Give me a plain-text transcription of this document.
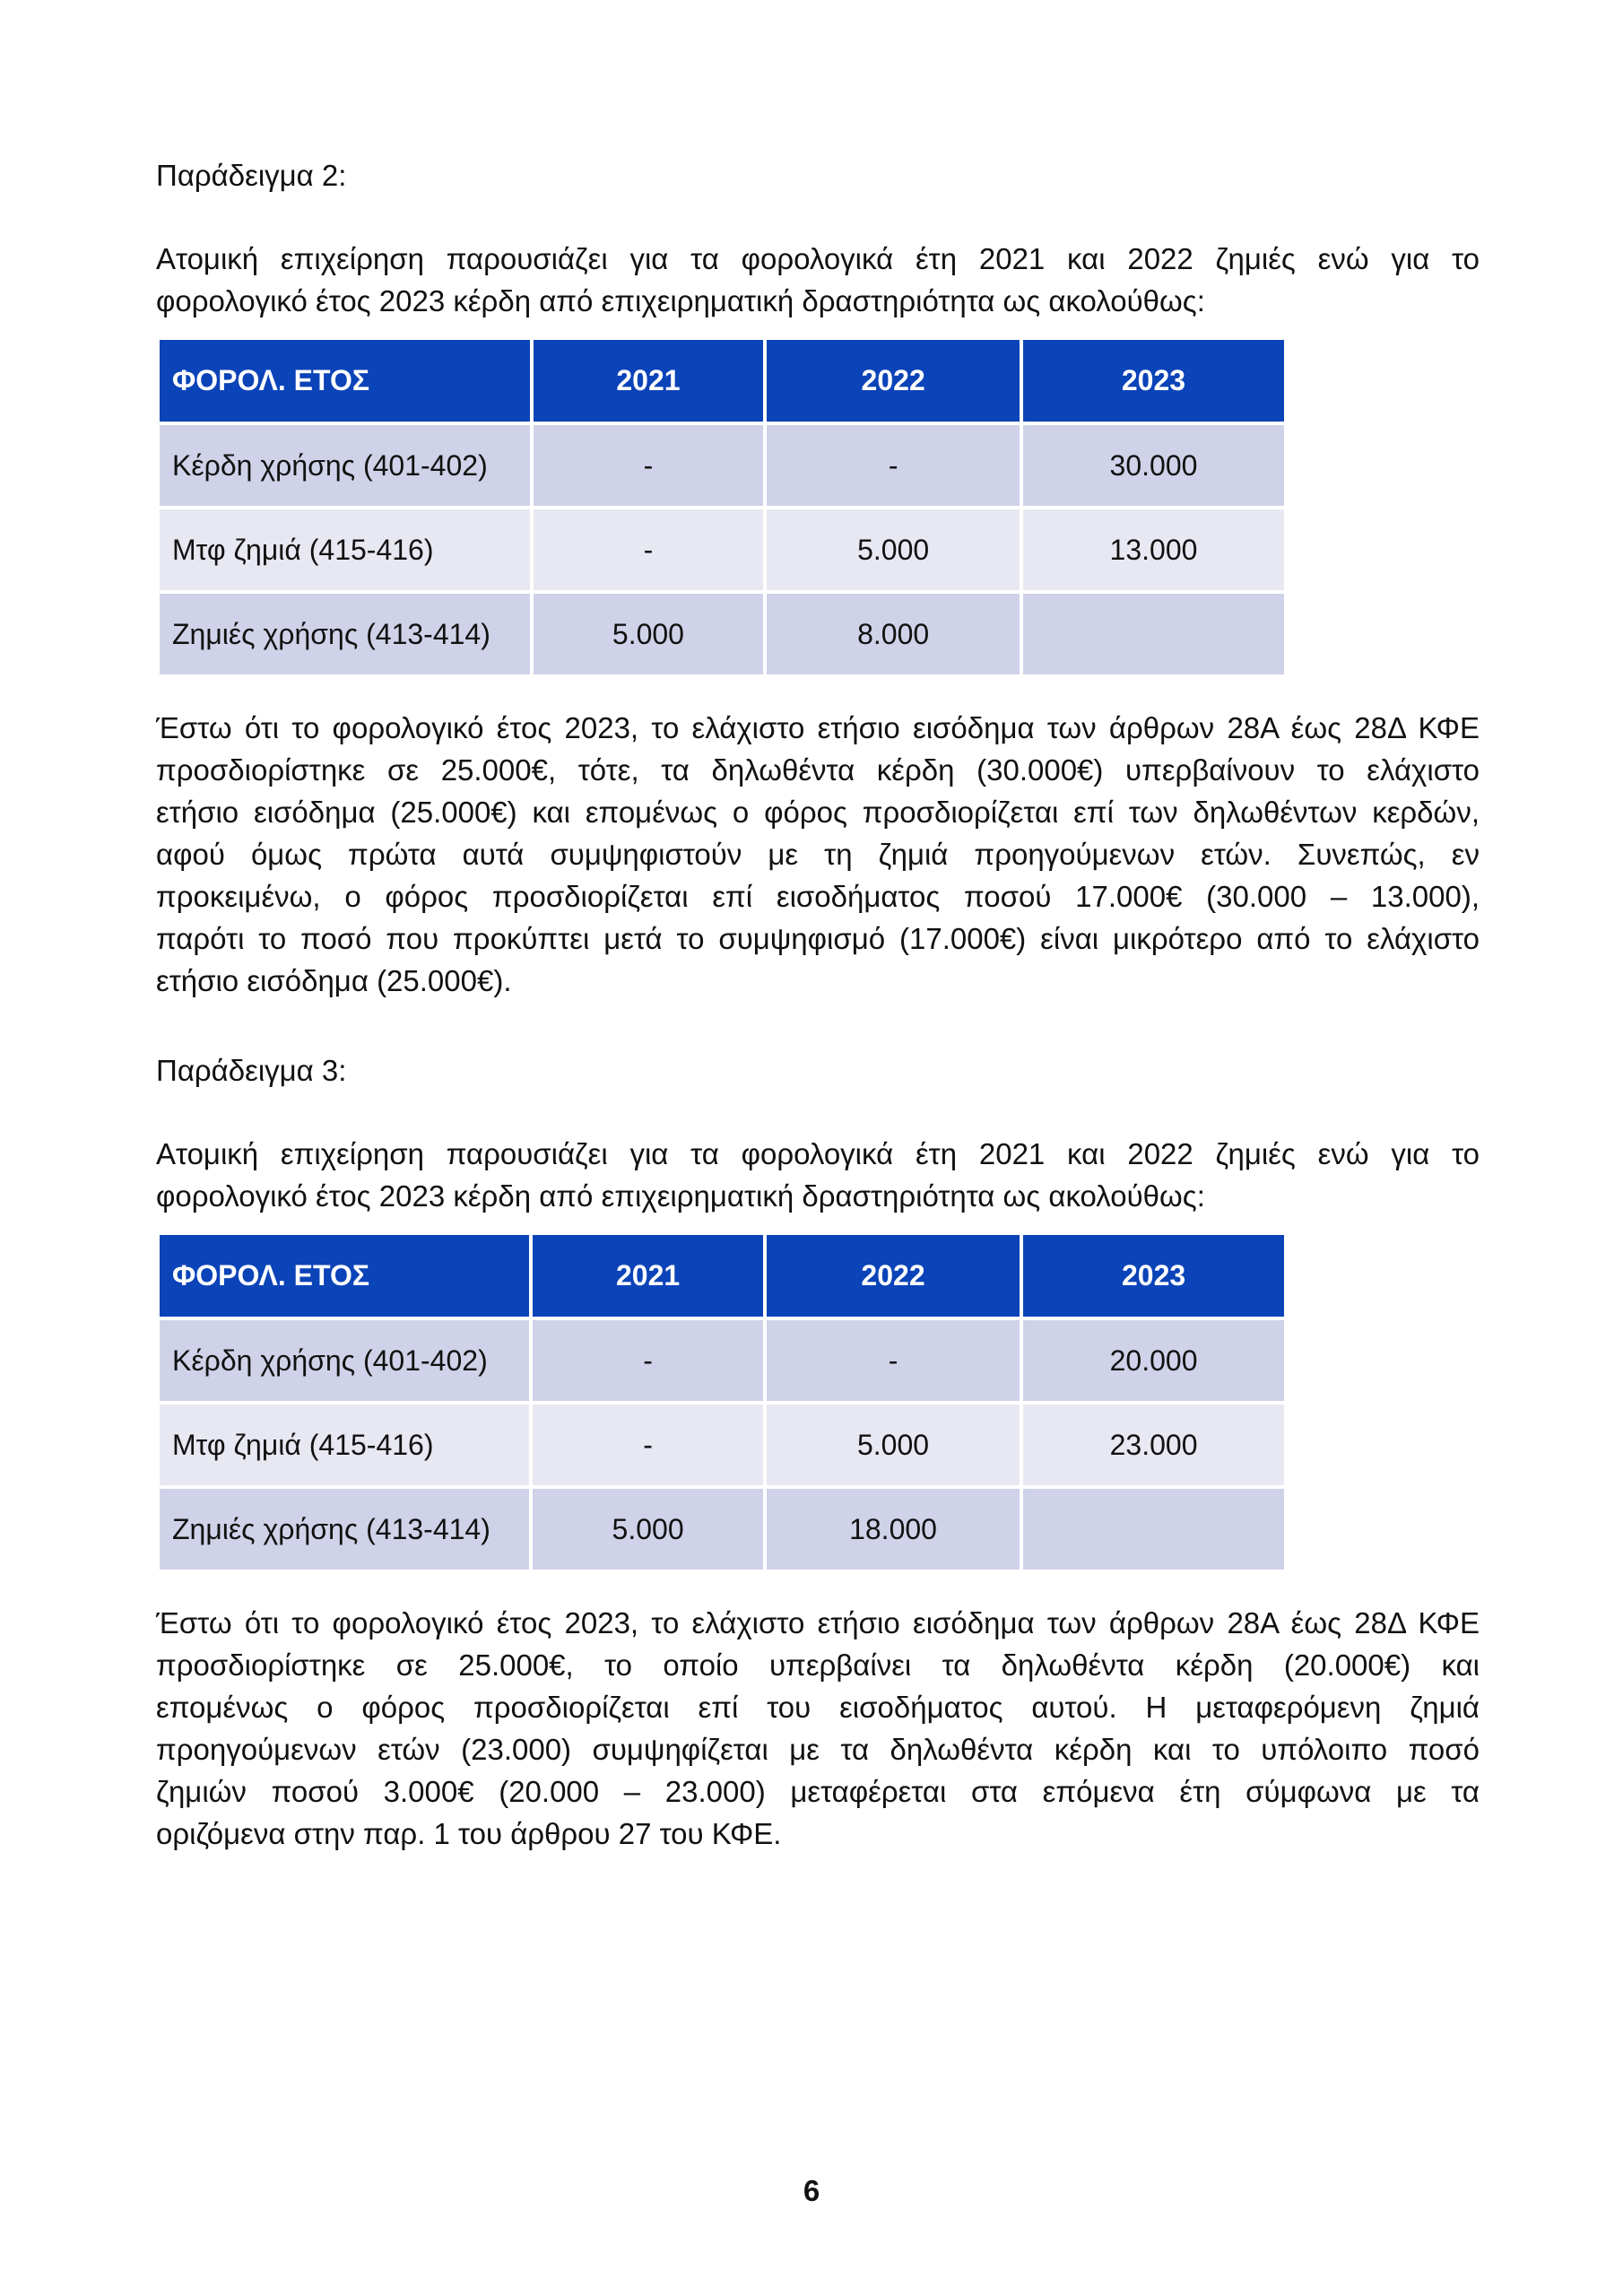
Παράδειγμα 2:
Ατομική επιχείρηση παρουσιάζει για τα φορολογικά έτη 2021 και 2022 ζημιές ενώ για το
φορολογικό έτος 2023 κέρδη από επιχειρηματική δραστηριότητα ως ακολούθως:
ΦΟΡΟΛ. ΕΤΟΣ	2021	2022	2023
Κέρδη χρήσης (401-402)	-	-	30.000
Μτφ ζημιά (415-416)	-	5.000	13.000
Ζημιές χρήσης (413-414)	5.000	8.000	
Έστω ότι το φορολογικό έτος 2023, το ελάχιστο ετήσιο εισόδημα των άρθρων 28Α έως 28Δ ΚΦΕ
προσδιορίστηκε σε 25.000€, τότε, τα δηλωθέντα κέρδη (30.000€) υπερβαίνουν το ελάχιστο
ετήσιο εισόδημα (25.000€) και επομένως ο φόρος προσδιορίζεται επί των δηλωθέντων κερδών,
αφού όμως πρώτα αυτά συμψηφιστούν με τη ζημιά προηγούμενων ετών. Συνεπώς, εν
προκειμένω, ο φόρος προσδιορίζεται επί εισοδήματος ποσού 17.000€ (30.000 – 13.000),
παρότι το ποσό που προκύπτει μετά το συμψηφισμό (17.000€) είναι μικρότερο από το ελάχιστο
ετήσιο εισόδημα (25.000€).
Παράδειγμα 3:
Ατομική επιχείρηση παρουσιάζει για τα φορολογικά έτη 2021 και 2022 ζημιές ενώ για το
φορολογικό έτος 2023 κέρδη από επιχειρηματική δραστηριότητα ως ακολούθως:
ΦΟΡΟΛ. ΕΤΟΣ	2021	2022	2023
Κέρδη χρήσης (401-402)	-	-	20.000
Μτφ ζημιά (415-416)	-	5.000	23.000
Ζημιές χρήσης (413-414)	5.000	18.000	
Έστω ότι το φορολογικό έτος 2023, το ελάχιστο ετήσιο εισόδημα των άρθρων 28Α έως 28Δ ΚΦΕ
προσδιορίστηκε σε 25.000€, το οποίο υπερβαίνει τα δηλωθέντα κέρδη (20.000€) και
επομένως ο φόρος προσδιορίζεται επί του εισοδήματος αυτού. Η μεταφερόμενη ζημιά
προηγούμενων ετών (23.000) συμψηφίζεται με τα δηλωθέντα κέρδη και το υπόλοιπο ποσό
ζημιών ποσού 3.000€ (20.000 – 23.000) μεταφέρεται στα επόμενα έτη σύμφωνα με τα
οριζόμενα στην παρ. 1 του άρθρου 27 του ΚΦΕ.
6
